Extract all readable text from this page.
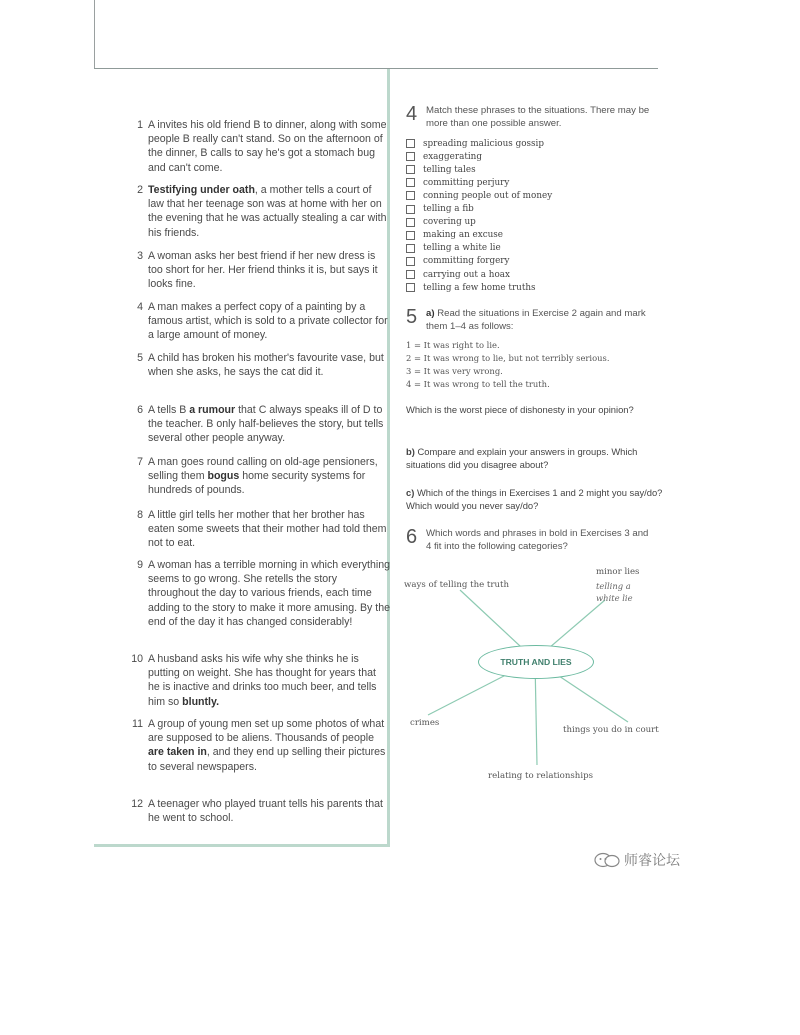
1 A invites his old friend B to dinner, along with some people B really can't stand. So on the afternoon of the dinner, B calls to say he's got a stomach bug and can't come.
2 Testifying under oath, a mother tells a court of law that her teenage son was at home with her on the evening that he was actually stealing a car with his friends.
3 A woman asks her best friend if her new dress is too short for her. Her friend thinks it is, but says it looks fine.
4 A man makes a perfect copy of a painting by a famous artist, which is sold to a private collector for a large amount of money.
5 A child has broken his mother's favourite vase, but when she asks, he says the cat did it.
6 A tells B a rumour that C always speaks ill of D to the teacher. B only half-believes the story, but tells several other people anyway.
7 A man goes round calling on old-age pensioners, selling them bogus home security systems for hundreds of pounds.
8 A little girl tells her mother that her brother has eaten some sweets that their mother had told them not to eat.
9 A woman has a terrible morning in which everything seems to go wrong. She retells the story throughout the day to various friends, each time adding to the story to make it more amusing. By the end of the day it has changed considerably!
10 A husband asks his wife why she thinks he is putting on weight. She has thought for years that he is inactive and drinks too much beer, and tells him so bluntly.
11 A group of young men set up some photos of what are supposed to be aliens. Thousands of people are taken in, and they end up selling their pictures to several newspapers.
12 A teenager who played truant tells his parents that he went to school.
4 Match these phrases to the situations. There may be more than one possible answer.
spreading malicious gossip
exaggerating
telling tales
committing perjury
conning people out of money
telling a fib
covering up
making an excuse
telling a white lie
committing forgery
carrying out a hoax
telling a few home truths
5 a) Read the situations in Exercise 2 again and mark them 1–4 as follows:
1 = It was right to lie.
2 = It was wrong to lie, but not terribly serious.
3 = It was very wrong.
4 = It was wrong to tell the truth.
Which is the worst piece of dishonesty in your opinion?
b) Compare and explain your answers in groups. Which situations did you disagree about?
c) Which of the things in Exercises 1 and 2 might you say/do? Which would you never say/do?
6 Which words and phrases in bold in Exercises 3 and 4 fit into the following categories?
TRUTH AND LIES
ways of telling the truth
minor lies
telling a
white lie
crimes
things you do in court
relating to relationships
师睿论坛
